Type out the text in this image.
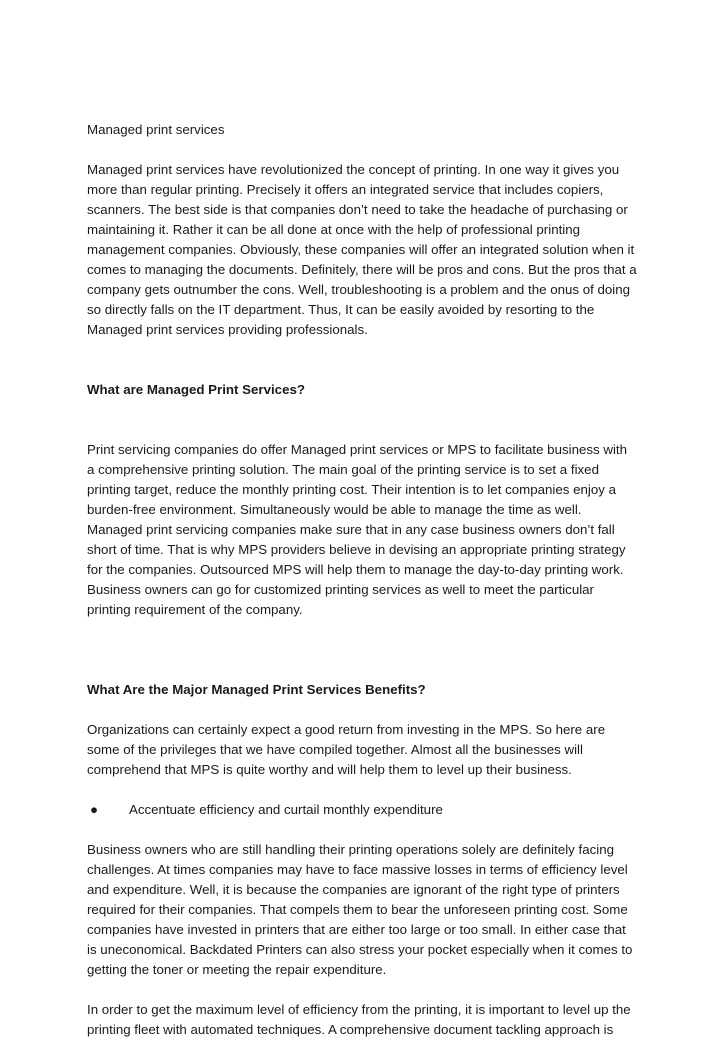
Managed print services

Managed print services have revolutionized the concept of printing. In one way it gives you more than regular printing. Precisely it offers an integrated service that includes copiers, scanners. The best side is that companies don’t need to take the headache of purchasing or maintaining it. Rather it can be all done at once with the help of professional printing management companies. Obviously, these companies will offer an integrated solution when it comes to managing the documents. Definitely, there will be pros and cons. But the pros that a company gets outnumber the cons. Well, troubleshooting is a problem and the onus of doing so directly falls on the IT department. Thus, It can be easily avoided by resorting to the Managed print services providing professionals.

What are Managed Print Services?

Print servicing companies do offer Managed print services or MPS to facilitate business with a comprehensive printing solution. The main goal of the printing service is to set a fixed printing target, reduce the monthly printing cost. Their intention is to let companies enjoy a burden-free environment. Simultaneously would be able to manage the time as well. Managed print servicing companies make sure that in any case business owners don’t fall short of time. That is why MPS providers believe in devising an appropriate printing strategy for the companies. Outsourced MPS will help them to manage the day-to-day printing work. Business owners can go for customized printing services as well to meet the particular printing requirement of the company.

What Are the Major Managed Print Services Benefits?

Organizations can certainly expect a good return from investing in the MPS. So here are some of the privileges that we have compiled together. Almost all the businesses will comprehend that MPS is quite worthy and will help them to level up their business.

● Accentuate efficiency and curtail monthly expenditure

Business owners who are still handling their printing operations solely are definitely facing challenges. At times companies may have to face massive losses in terms of efficiency level and expenditure. Well, it is because the companies are ignorant of the right type of printers required for their companies. That compels them to bear the unforeseen printing cost. Some companies have invested in printers that are either too large or too small. In either case that is uneconomical. Backdated Printers can also stress your pocket especially when it comes to getting the toner or meeting the repair expenditure.

In order to get the maximum level of efficiency from the printing, it is important to level up the printing fleet with automated techniques. A comprehensive document tackling approach is
